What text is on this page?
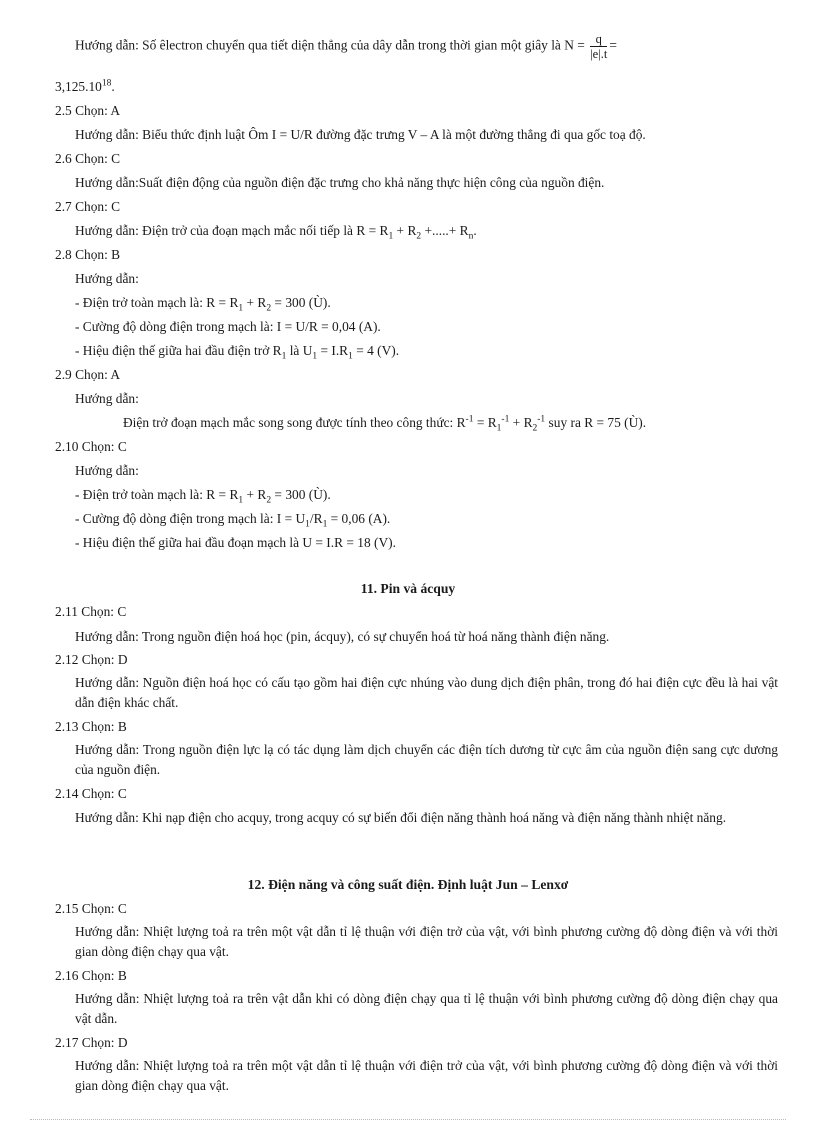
Hướng dẫn: Số êlectron chuyển qua tiết diện thẳng của dây dẫn trong thời gian một giây là $N = \frac{q}{|e|.t}$ =
$3,125.10^{18}$.
2.5 Chọn: A
Hướng dẫn: Biểu thức định luật Ôm I = U/R đường đặc trưng V – A là một đường thẳng đi qua gốc toạ độ.
2.6 Chọn: C
Hướng dẫn:Suất điện động của nguồn điện đặc trưng cho khả năng thực hiện công của nguồn điện.
2.7 Chọn: C
Hướng dẫn: Điện trở của đoạn mạch mắc nối tiếp là $R = R_1 + R_2$ +.....+ $R_n$.
2.8 Chọn: B
Hướng dẫn:
- Điện trở toàn mạch là: $R = R_1 + R_2 = 300$ (Ù).
- Cường độ dòng điện trong mạch là: I = U/R = 0,04 (A).
- Hiệu điện thế giữa hai đầu điện trở $R_1$ là $U_1 = I.R_1 = 4$ (V).
2.9 Chọn: A
Hướng dẫn:
Điện trở đoạn mạch mắc song song được tính theo công thức: $R^{-1} = R_1^{-1} + R_2^{-1}$ suy ra R = 75 (Ù).
2.10 Chọn: C
Hướng dẫn:
- Điện trở toàn mạch là: $R = R_1 + R_2 = 300$ (Ù).
- Cường độ dòng điện trong mạch là: $I = U_1/R_1 = 0,06$ (A).
- Hiệu điện thế giữa hai đầu đoạn mạch là U = I.R = 18 (V).
11. Pin và ácquy
2.11 Chọn: C
Hướng dẫn: Trong nguồn điện hoá học (pin, ácquy), có sự chuyển hoá từ hoá năng thành điện năng.
2.12 Chọn: D
Hướng dẫn: Nguồn điện hoá học có cấu tạo gồm hai điện cực nhúng vào dung dịch điện phân, trong đó hai điện cực đều là hai vật dẫn điện khác chất.
2.13 Chọn: B
Hướng dẫn: Trong nguồn điện lực lạ có tác dụng làm dịch chuyển các điện tích dương từ cực âm của nguồn điện sang cực dương của nguồn điện.
2.14 Chọn: C
Hướng dẫn: Khi nạp điện cho acquy, trong acquy có sự biến đổi điện năng thành hoá năng và điện năng thành nhiệt năng.
12. Điện năng và công suất điện. Định luật Jun – Lenxơ
2.15 Chọn: C
Hướng dẫn: Nhiệt lượng toả ra trên một vật dẫn tỉ lệ thuận với điện trở của vật, với bình phương cường độ dòng điện và với thời gian dòng điện chạy qua vật.
2.16 Chọn: B
Hướng dẫn: Nhiệt lượng toả ra trên vật dẫn khi có dòng điện chạy qua tỉ lệ thuận với bình phương cường độ dòng điện chạy qua vật dẫn.
2.17 Chọn: D
Hướng dẫn: Nhiệt lượng toả ra trên một vật dẫn tỉ lệ thuận với điện trở của vật, với bình phương cường độ dòng điện và với thời gian dòng điện chạy qua vật.
